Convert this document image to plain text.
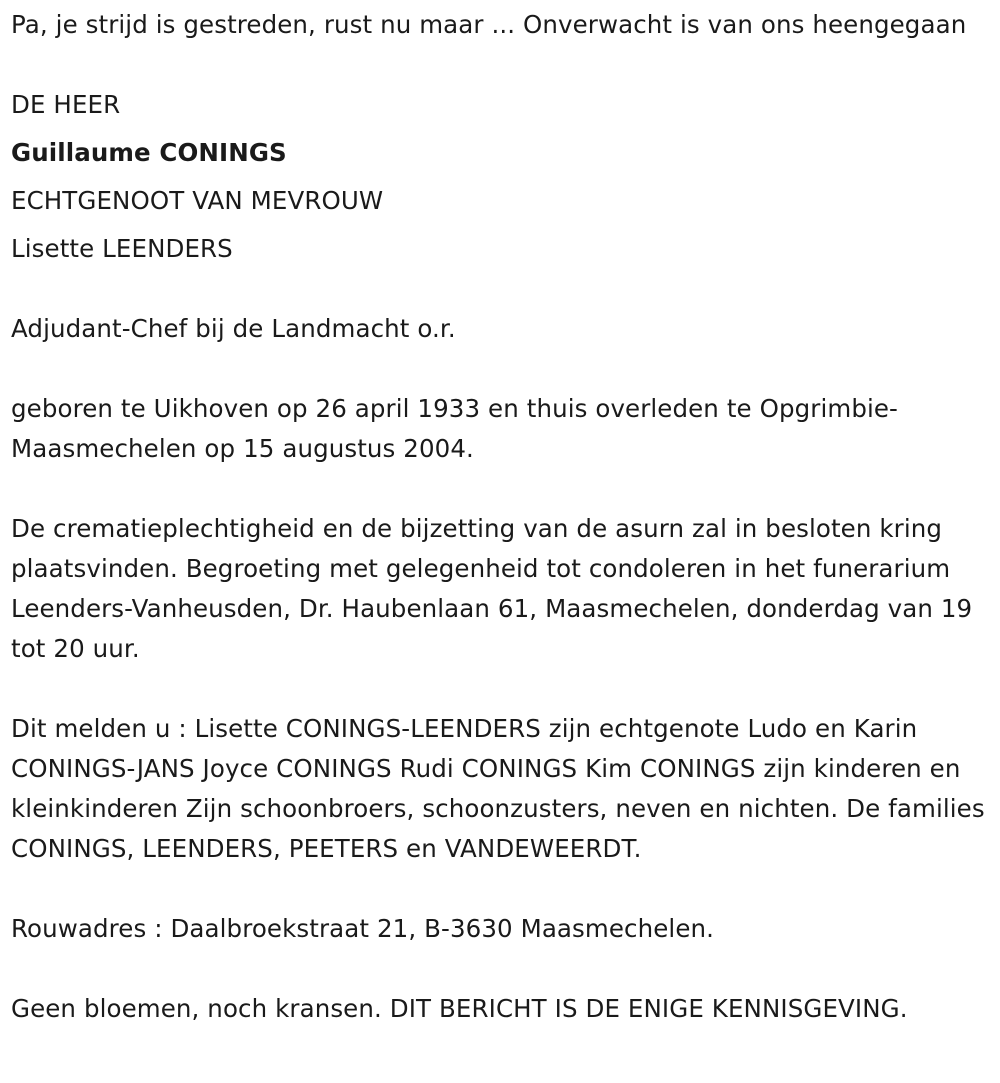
Pa, je strijd is gestreden, rust nu maar ... Onverwacht is van ons heengegaan

DE HEER

Guillaume CONINGS

ECHTGENOOT VAN MEVROUW

Lisette LEENDERS

Adjudant-Chef bij de Landmacht o.r.

geboren te Uikhoven op 26 april 1933 en thuis overleden te Opgrimbie-Maasmechelen op 15 augustus 2004.

De crematieplechtigheid en de bijzetting van de asurn zal in besloten kring plaatsvinden. Begroeting met gelegenheid tot condoleren in het funerarium Leenders-Vanheusden, Dr. Haubenlaan 61, Maasmechelen, donderdag van 19 tot 20 uur.

Dit melden u : Lisette CONINGS-LEENDERS zijn echtgenote Ludo en Karin CONINGS-JANS Joyce CONINGS Rudi CONINGS Kim CONINGS zijn kinderen en kleinkinderen Zijn schoonbroers, schoonzusters, neven en nichten. De families CONINGS, LEENDERS, PEETERS en VANDEWEERDT.

Rouwadres : Daalbroekstraat 21, B-3630 Maasmechelen.

Geen bloemen, noch kransen. DIT BERICHT IS DE ENIGE KENNISGEVING.
